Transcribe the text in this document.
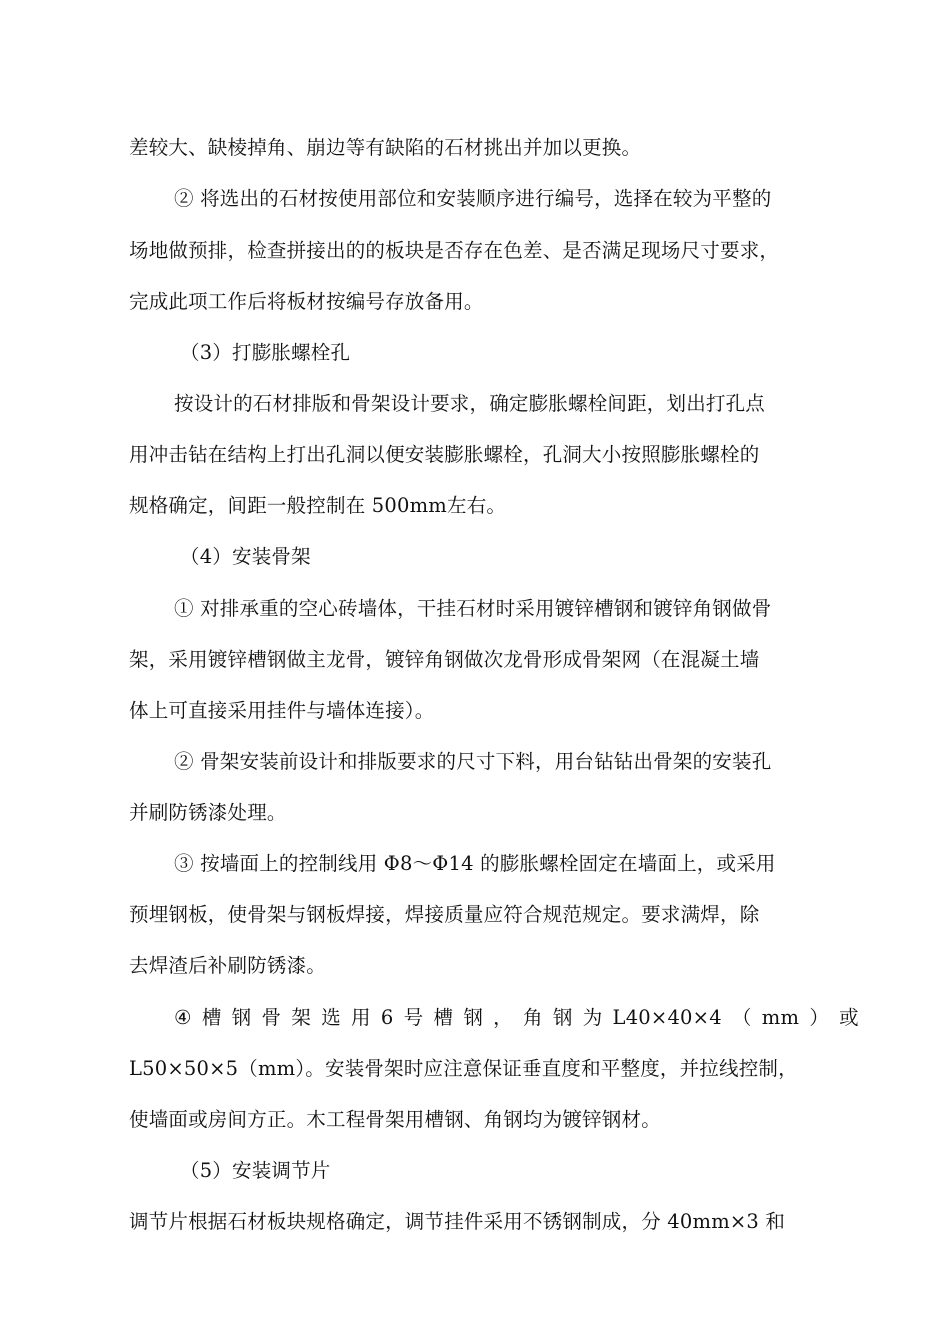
差较大、缺棱掉角、崩边等有缺陷的石材挑出并加以更换。
② 将选出的石材按使用部位和安装顺序进行编号，选择在较为平整的
场地做预排，检查拼接出的的板块是否存在色差、是否满足现场尺寸要求，
完成此项工作后将板材按编号存放备用。
（3）打膨胀螺栓孔
按设计的石材排版和骨架设计要求，确定膨胀螺栓间距，划出打孔点
用冲击钻在结构上打出孔洞以便安装膨胀螺栓，孔洞大小按照膨胀螺栓的
规格确定，间距一般控制在 500mm左右。
（4）安装骨架
① 对排承重的空心砖墙体，干挂石材时采用镀锌槽钢和镀锌角钢做骨
架，采用镀锌槽钢做主龙骨，镀锌角钢做次龙骨形成骨架网（在混凝土墙
体上可直接采用挂件与墙体连接）。
② 骨架安装前设计和排版要求的尺寸下料，用台钻钻出骨架的安装孔
并刷防锈漆处理。
③ 按墙面上的控制线用 Φ8～Φ14 的膨胀螺栓固定在墙面上，或采用
预埋钢板，使骨架与钢板焊接，焊接质量应符合规范规定。要求满焊，除
去焊渣后补刷防锈漆。
④ 槽 钢 骨 架 选 用 6 号 槽 钢 ， 角 钢 为 L40×40×4 （ mm ） 或
L50×50×5（mm）。安装骨架时应注意保证垂直度和平整度，并拉线控制，
使墙面或房间方正。木工程骨架用槽钢、角钢均为镀锌钢材。
（5）安装调节片
调节片根据石材板块规格确定，调节挂件采用不锈钢制成，分 40mm×3 和
